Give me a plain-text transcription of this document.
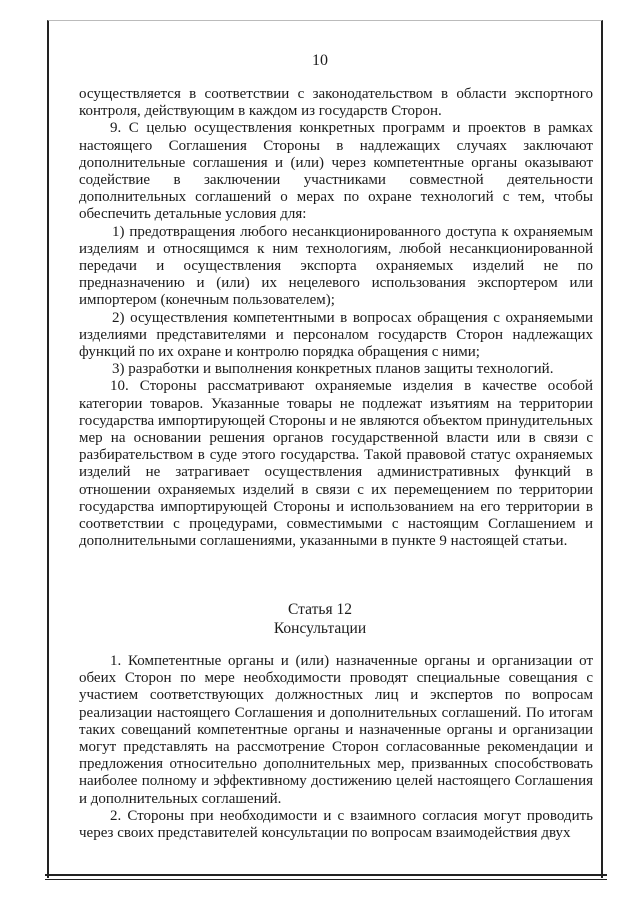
10

осуществляется в соответствии с законодательством в области экспортного контроля, действующим в каждом из государств Сторон.

9. С целью осуществления конкретных программ и проектов в рамках настоящего Соглашения Стороны в надлежащих случаях заключают дополнительные соглашения и (или) через компетентные органы оказывают содействие в заключении участниками совместной деятельности дополнительных соглашений о мерах по охране технологий с тем, чтобы обеспечить детальные условия для:

1) предотвращения любого несанкционированного доступа к охраняемым изделиям и относящимся к ним технологиям, любой несанкционированной передачи и осуществления экспорта охраняемых изделий не по предназначению и (или) их нецелевого использования экспортером или импортером (конечным пользователем);

2) осуществления компетентными в вопросах обращения с охраняемыми изделиями представителями и персоналом государств Сторон надлежащих функций по их охране и контролю порядка обращения с ними;

3) разработки и выполнения конкретных планов защиты технологий.

10. Стороны рассматривают охраняемые изделия в качестве особой категории товаров. Указанные товары не подлежат изъятиям на территории государства импортирующей Стороны и не являются объектом принудительных мер на основании решения органов государственной власти или в связи с разбирательством в суде этого государства. Такой правовой статус охраняемых изделий не затрагивает осуществления административных функций в отношении охраняемых изделий в связи с их перемещением по территории государства импортирующей Стороны и использованием на его территории в соответствии с процедурами, совместимыми с настоящим Соглашением и дополнительными соглашениями, указанными в пункте 9 настоящей статьи.

Статья 12
Консультации

1. Компетентные органы и (или) назначенные органы и организации от обеих Сторон по мере необходимости проводят специальные совещания с участием соответствующих должностных лиц и экспертов по вопросам реализации настоящего Соглашения и дополнительных соглашений. По итогам таких совещаний компетентные органы и назначенные органы и организации могут представлять на рассмотрение Сторон согласованные рекомендации и предложения относительно дополнительных мер, призванных способствовать наиболее полному и эффективному достижению целей настоящего Соглашения и дополнительных соглашений.

2. Стороны при необходимости и с взаимного согласия могут проводить через своих представителей консультации по вопросам взаимодействия двух
